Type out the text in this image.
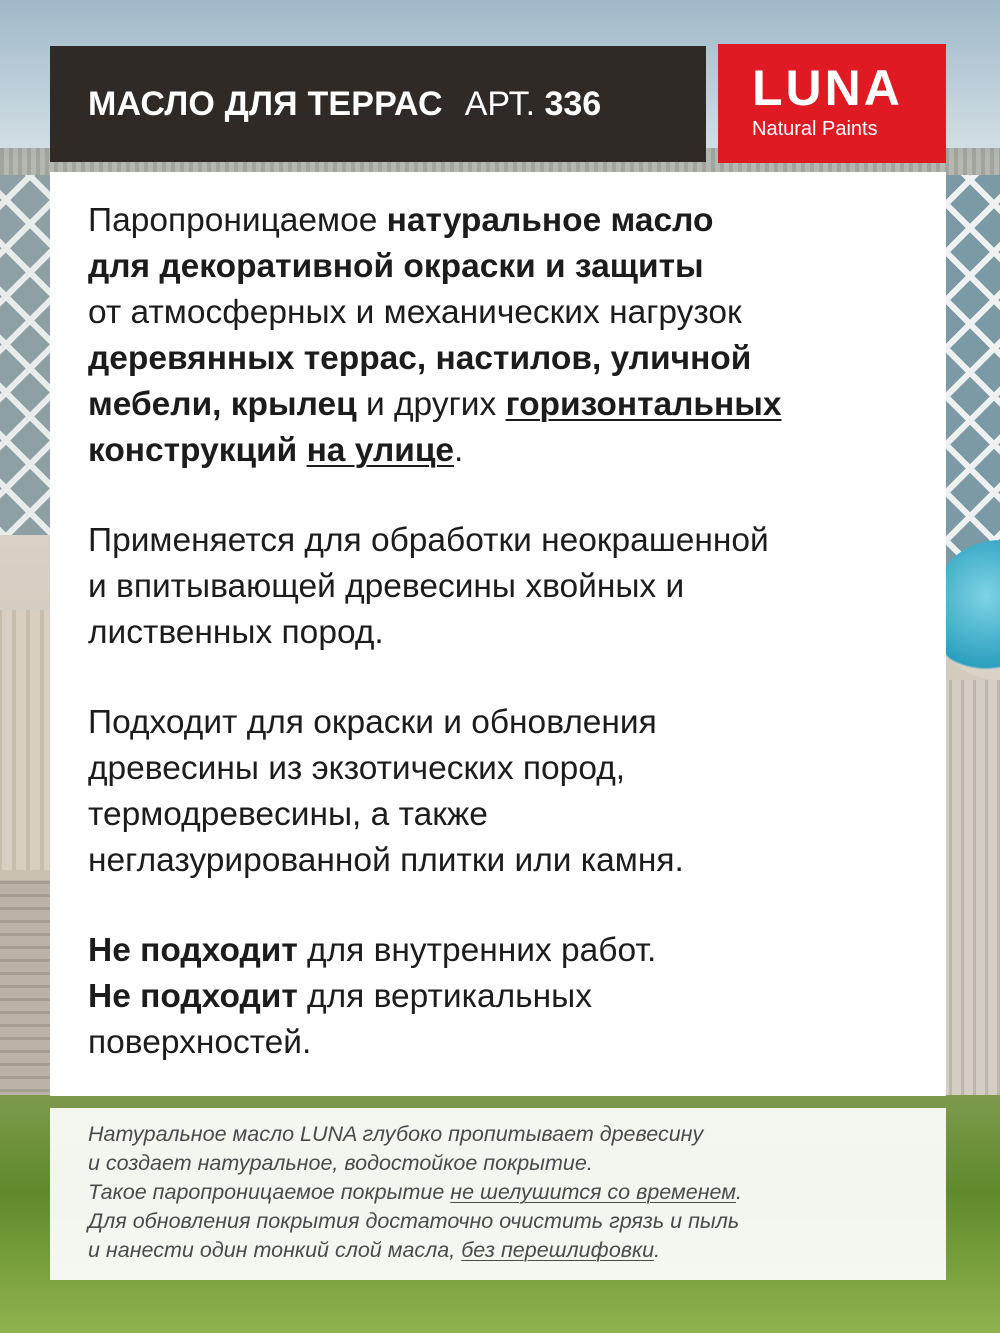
МАСЛО ДЛЯ ТЕРРАС АРТ. 336	LUNA
Natural Paints

Паропроницаемое натуральное масло

для декоративной окраски и защиты

от атмосферных и механических нагрузок

деревянных террас, настилов, уличной

мебели, крылец и других горизонтальных

конструкций на улице.

Применяется для обработки неокрашенной

и впитывающей древесины хвойных и

лиственных пород.

Подходит для окраски и обновления

древесины из экзотических пород,

термодревесины, а также

неглазурированной плитки или камня.

Не подходит для внутренних работ.

Не подходит для вертикальных

поверхностей.

Натуральное масло LUNA глубоко пропитывает древесину

и создает натуральное, водостойкое покрытие.

Такое паропроницаемое покрытие не шелушится со временем.

Для обновления покрытия достаточно очистить грязь и пыль

и нанести один тонкий слой масла, без перешлифовки.
